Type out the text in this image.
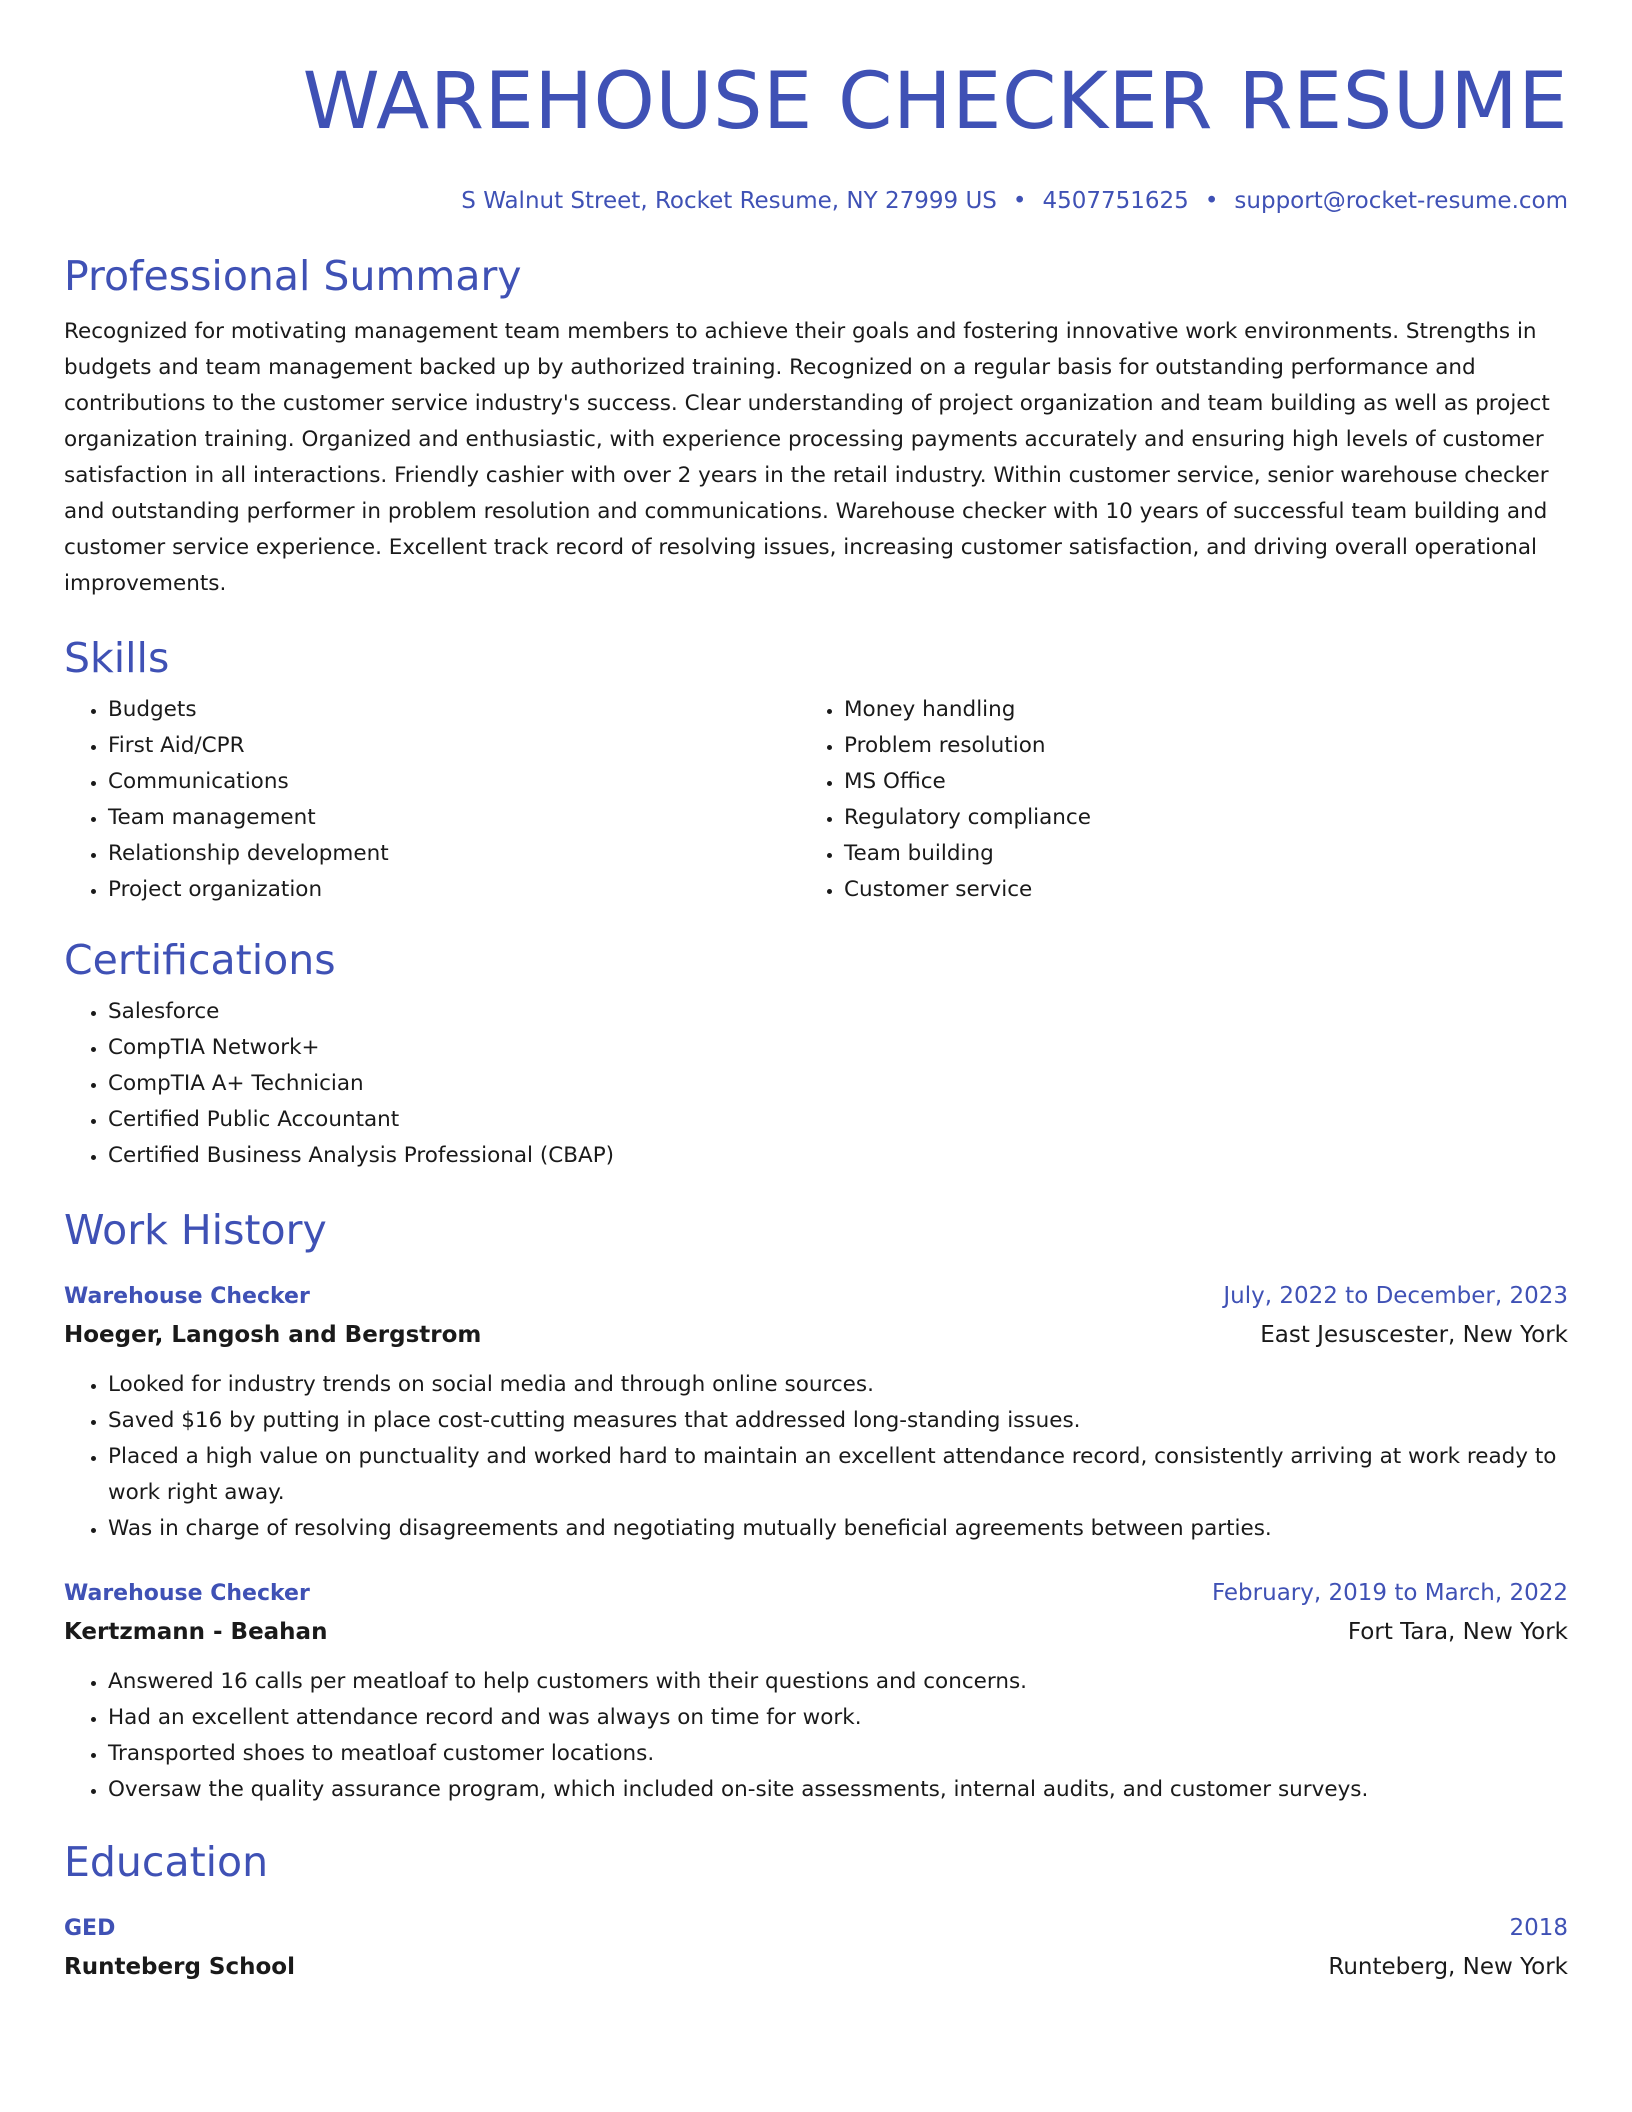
WAREHOUSE CHECKER RESUME
S Walnut Street, Rocket Resume, NY 27999 US • 4507751625 • support@rocket-resume.com
Professional Summary

Recognized for motivating management team members to achieve their goals and fostering innovative work environments. Strengths in budgets and team management backed up by authorized training. Recognized on a regular basis for outstanding performance and contributions to the customer service industry's success. Clear understanding of project organization and team building as well as project organization training. Organized and enthusiastic, with experience processing payments accurately and ensuring high levels of customer satisfaction in all interactions. Friendly cashier with over 2 years in the retail industry. Within customer service, senior warehouse checker and outstanding performer in problem resolution and communications. Warehouse checker with 10 years of successful team building and customer service experience. Excellent track record of resolving issues, increasing customer satisfaction, and driving overall operational improvements.

Skills
• Budgets
• First Aid/CPR
• Communications
• Team management
• Relationship development
• Project organization
• Money handling
• Problem resolution
• MS Office
• Regulatory compliance
• Team building
• Customer service
Certifications
• Salesforce
• CompTIA Network+
• CompTIA A+ Technician
• Certified Public Accountant
• Certified Business Analysis Professional (CBAP)
Work History
Warehouse Checker	July, 2022 to December, 2023
Hoeger, Langosh and Bergstrom	East Jesuscester, New York
• Looked for industry trends on social media and through online sources.
• Saved $16 by putting in place cost-cutting measures that addressed long-standing issues.
• Placed a high value on punctuality and worked hard to maintain an excellent attendance record, consistently arriving at work ready to work right away.
• Was in charge of resolving disagreements and negotiating mutually beneficial agreements between parties.
Warehouse Checker	February, 2019 to March, 2022
Kertzmann - Beahan	Fort Tara, New York
• Answered 16 calls per meatloaf to help customers with their questions and concerns.
• Had an excellent attendance record and was always on time for work.
• Transported shoes to meatloaf customer locations.
• Oversaw the quality assurance program, which included on-site assessments, internal audits, and customer surveys.
Education
GED	2018
Runteberg School	Runteberg, New York
